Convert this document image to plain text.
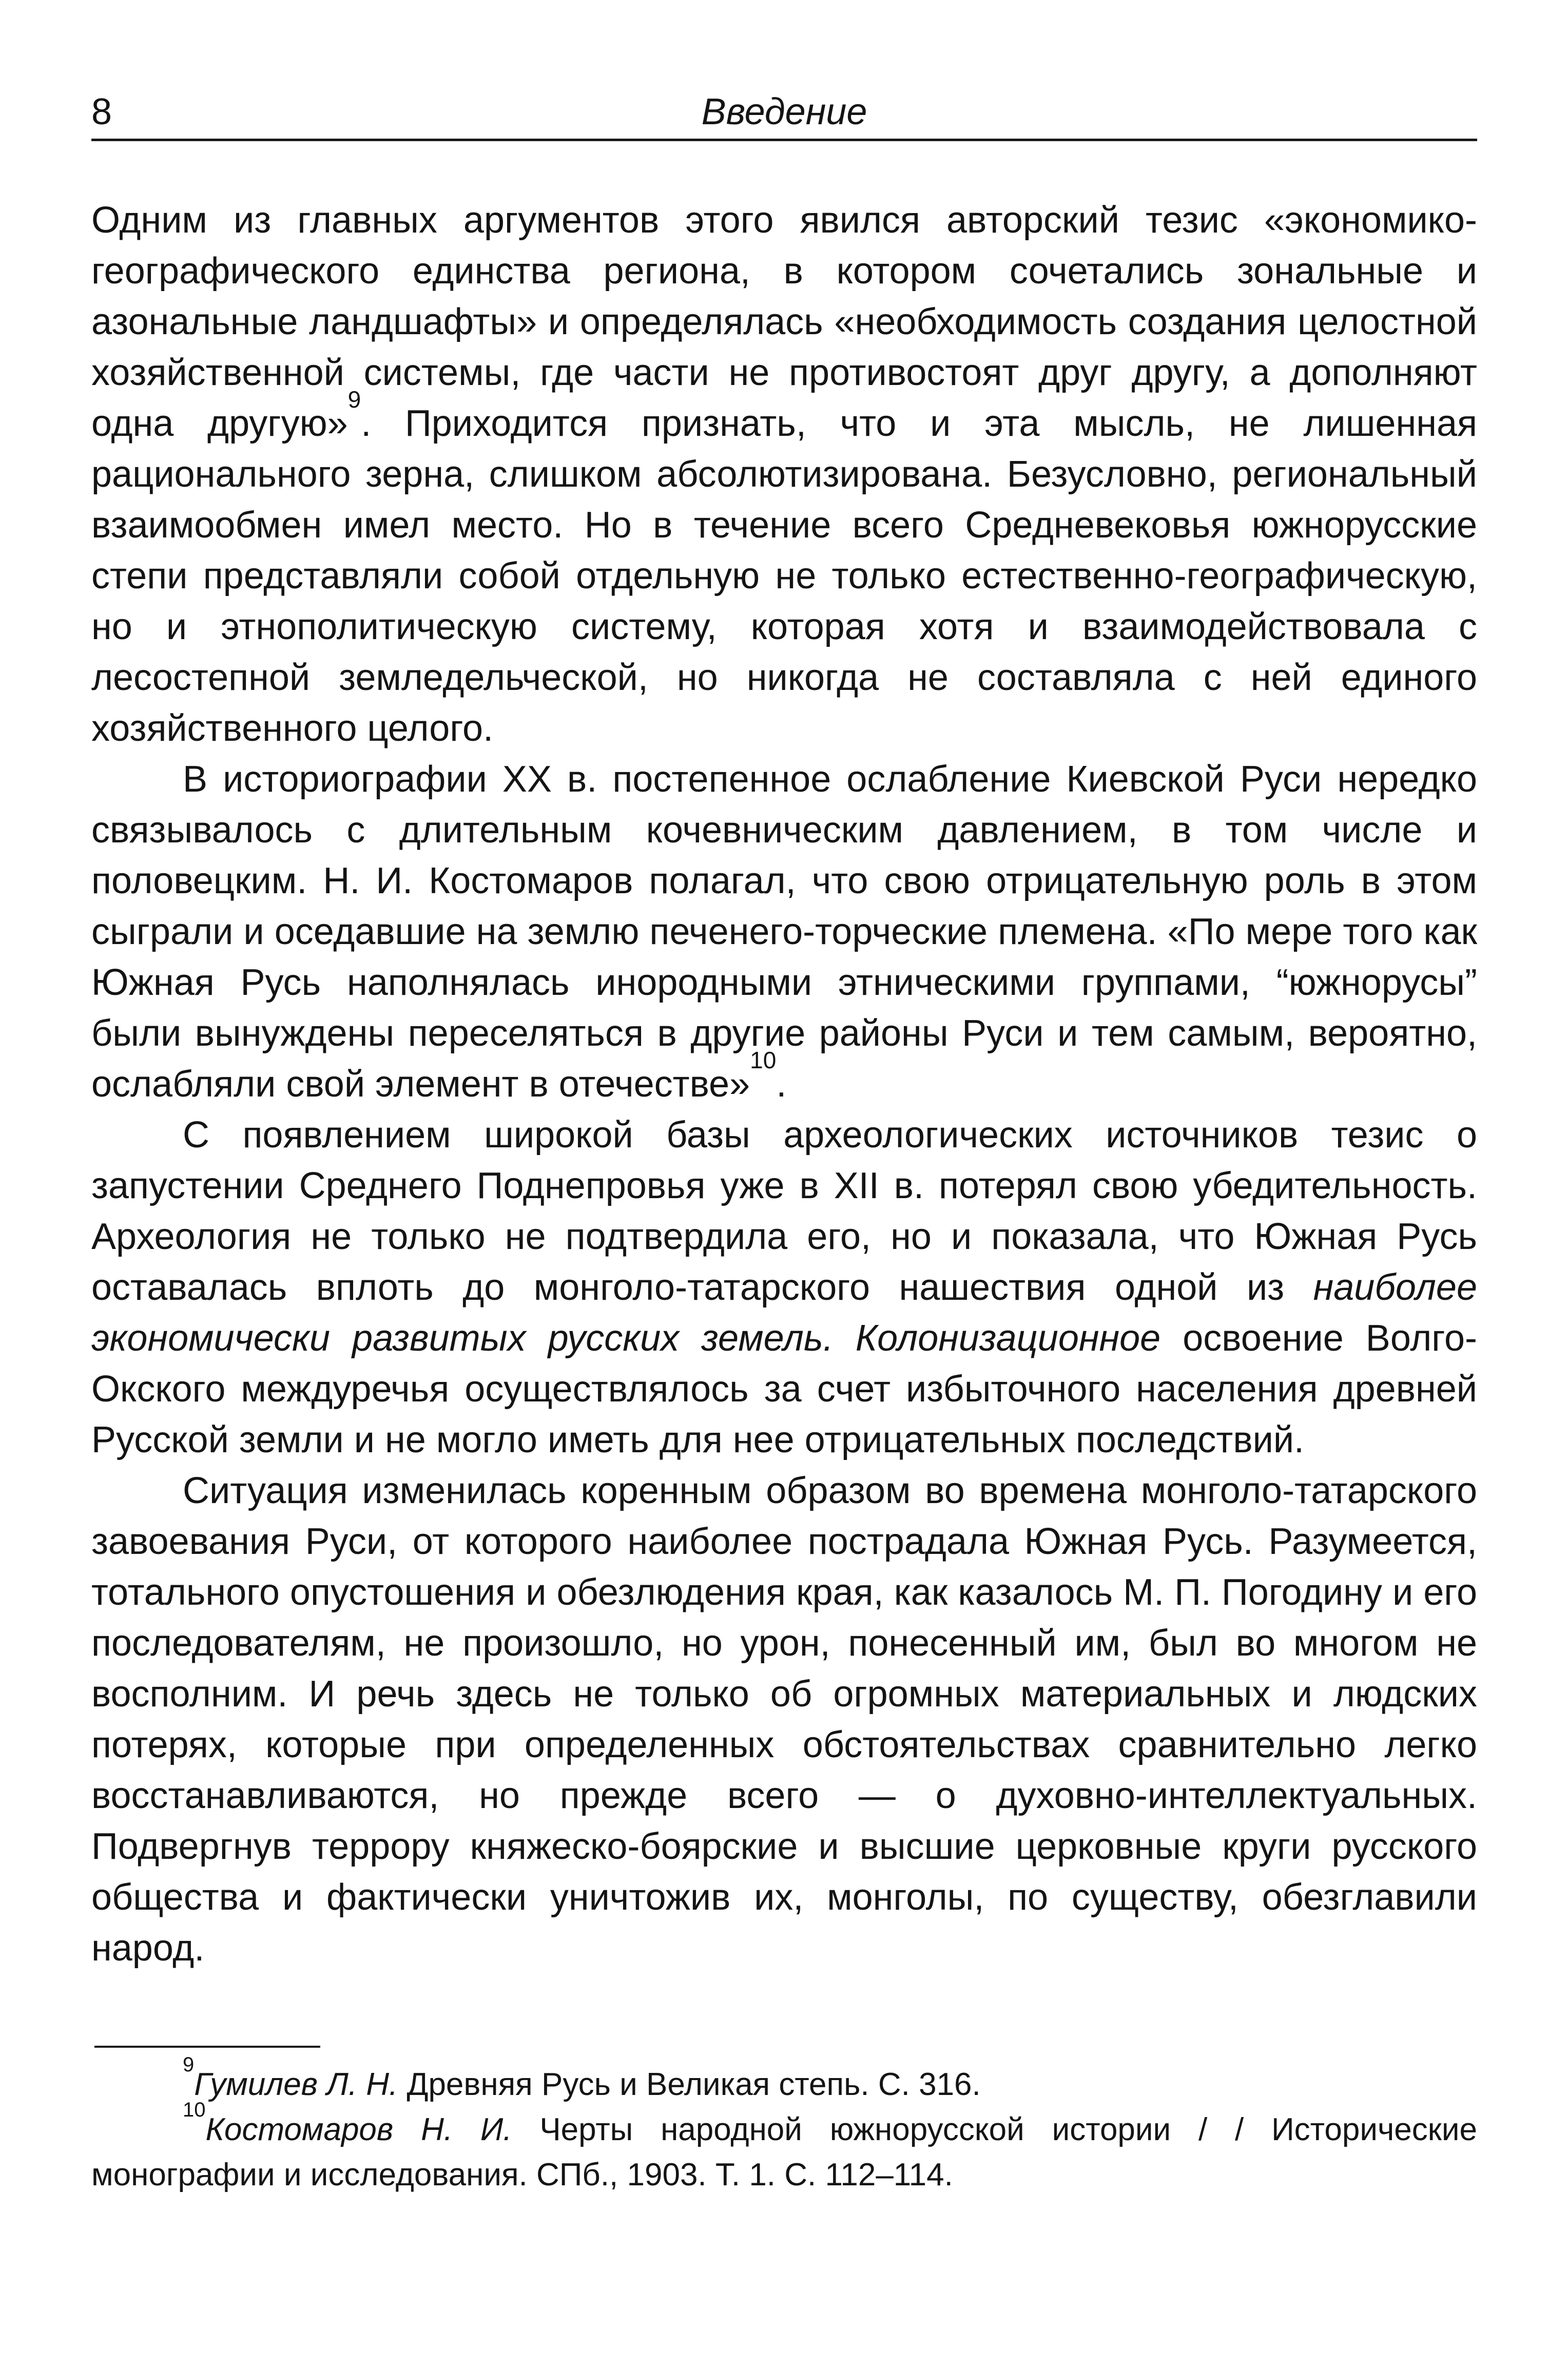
8	Введение

Одним из главных аргументов этого явился авторский тезис «экономико-географического единства региона, в котором сочетались зональные и азональные ландшафты» и определялась «необходимость создания целостной хозяйственной системы, где части не противостоят друг другу, а дополняют одна другую»$^9$. Приходится признать, что и эта мысль, не лишенная рационального зерна, слишком абсолютизирована. Безусловно, региональный взаимообмен имел место. Но в течение всего Средневековья южнорусские степи представляли собой отдельную не только естественно-географическую, но и этнополитическую систему, которая хотя и взаимодействовала с лесостепной земледельческой, но никогда не составляла с ней единого хозяйственного целого.

В историографии XX в. постепенное ослабление Киевской Руси нередко связывалось с длительным кочевническим давлением, в том числе и половецким. Н. И. Костомаров полагал, что свою отрицательную роль в этом сыграли и оседавшие на землю печенего-торческие племена. «По мере того как Южная Русь наполнялась инородными этническими группами, “южнорусы” были вынуждены переселяться в другие районы Руси и тем самым, вероятно, ослабляли свой элемент в отечестве»$^{10}$.

С появлением широкой базы археологических источников тезис о запустении Среднего Поднепровья уже в XII в. потерял свою убедительность. Археология не только не подтвердила его, но и показала, что Южная Русь оставалась вплоть до монголо-татарского нашествия одной из наиболее экономически развитых русских земель. Колонизационное освоение Волго-Окского междуречья осуществлялось за счет избыточного населения древней Русской земли и не могло иметь для нее отрицательных последствий.

Ситуация изменилась коренным образом во времена монголо-татарского завоевания Руси, от которого наиболее пострадала Южная Русь. Разумеется, тотального опустошения и обезлюдения края, как казалось М. П. Погодину и его последователям, не произошло, но урон, понесенный им, был во многом не восполним. И речь здесь не только об огромных материальных и людских потерях, которые при определенных обстоятельствах сравнительно легко восстанавливаются, но прежде всего — о духовно-интеллектуальных. Подвергнув террору княжеско-боярские и высшие церковные круги русского общества и фактически уничтожив их, монголы, по существу, обезглавили народ.

$^9$Гумилев Л. Н. Древняя Русь и Великая степь. С. 316.

$^{10}$Костомаров Н. И. Черты народной южнорусской истории / / Исторические монографии и исследования. СПб., 1903. Т. 1. С. 112–114.
